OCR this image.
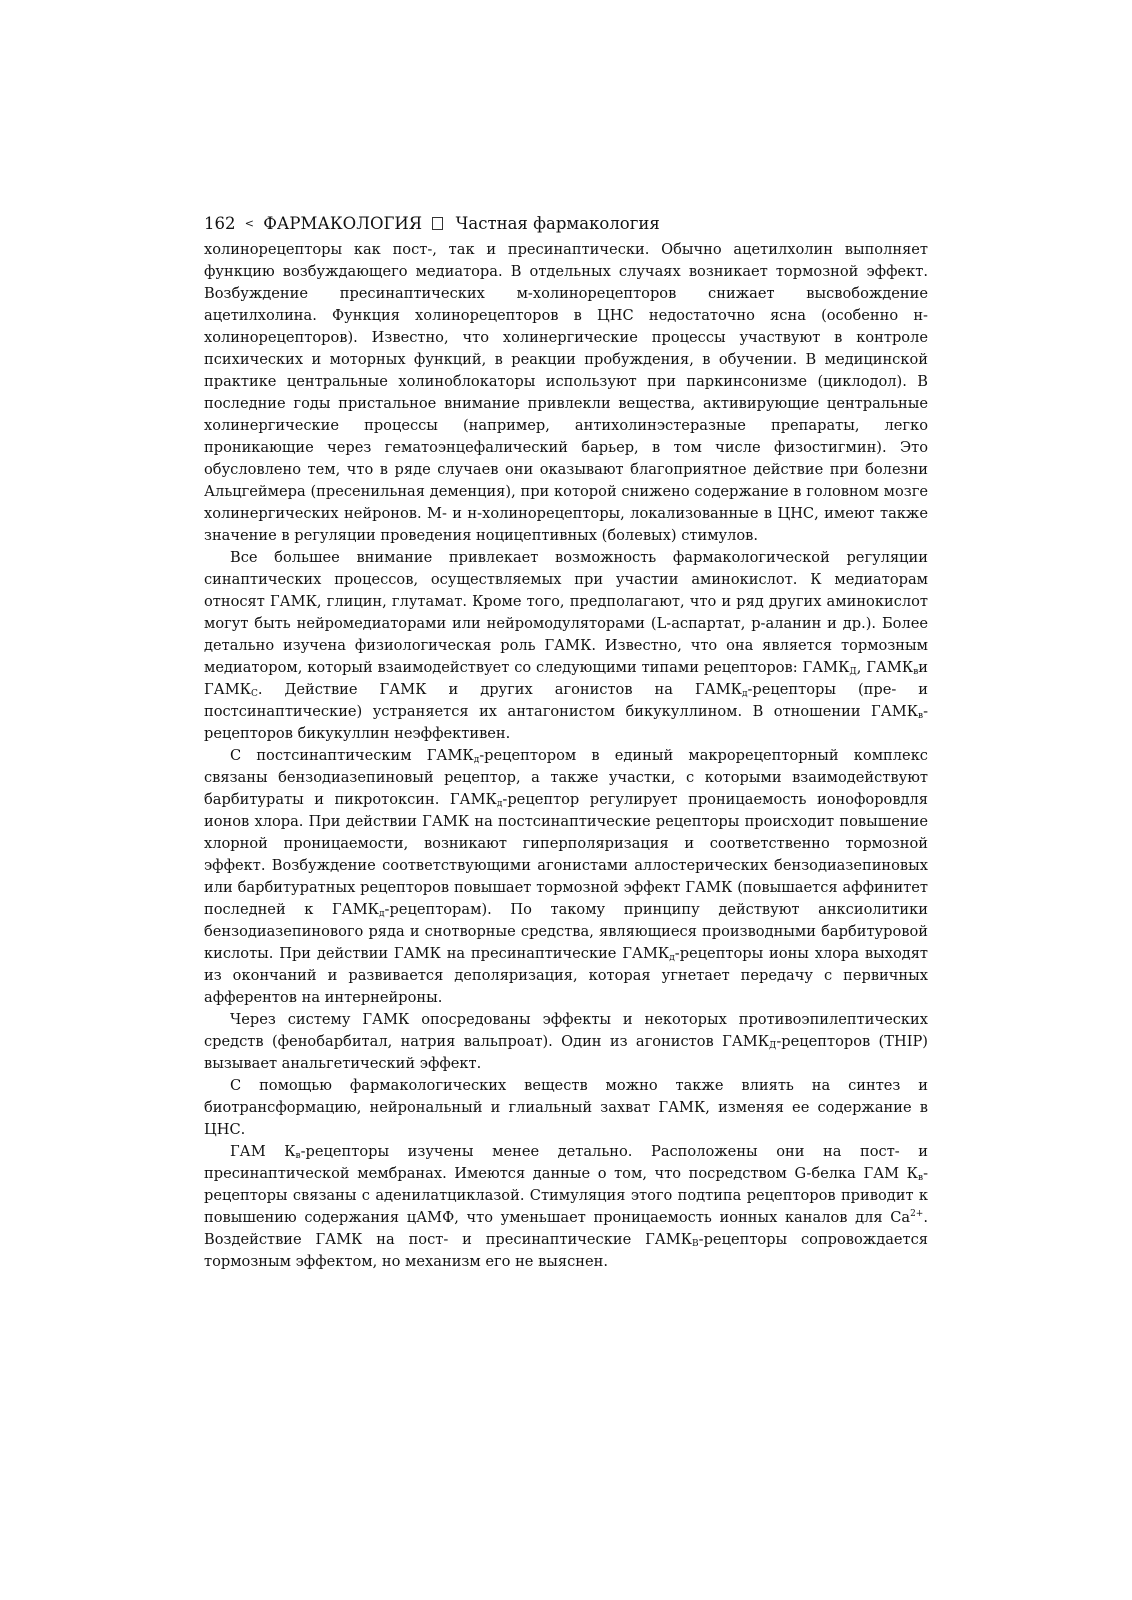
162 < ФАРМАКОЛОГИЯ Частная фармакология

холинорецепторы как пост-, так и пресинаптически. Обычно ацетилхолин выполняет функцию возбуждающего медиатора. В отдельных случаях возникает тормозной эффект. Возбуждение пресинаптических м-холинорецепторов снижает высвобождение ацетилхолина. Функция холинорецепторов в ЦНС недостаточно ясна (особенно н-холинорецепторов). Известно, что холинергические процессы участвуют в контроле психических и моторных функций, в реакции пробуждения, в обучении. В медицинской практике центральные холиноблокаторы используют при паркинсонизме (циклодол). В последние годы пристальное внимание привлекли вещества, активирующие центральные холинергические процессы (например, антихолинэстеразные препараты, легко проникающие через гематоэнцефалический барьер, в том числе физостигмин). Это обусловлено тем, что в ряде случаев они оказывают благоприятное действие при болезни Альцгеймера (пресенильная деменция), при которой снижено содержание в головном мозге холинергических нейронов. М- и н-холинорецепторы, локализованные в ЦНС, имеют также значение в регуляции проведения ноцицептивных (болевых) стимулов.

Все большее внимание привлекает возможность фармакологической регуляции синаптических процессов, осуществляемых при участии аминокислот. К медиаторам относят ГАМК, глицин, глутамат. Кроме того, предполагают, что и ряд других аминокислот могут быть нейромедиаторами или нейромодуляторами (L-аспартат, р-аланин и др.). Более детально изучена физиологическая роль ГАМК. Известно, что она является тормозным медиатором, который взаимодействует со следующими типами рецепторов: $ГАМК_Д$, $ГАМК_ви$ $ГАМК_С$. Действие ГАМК и других агонистов на $ГАМК_д$-рецепторы (пре- и постсинаптические) устраняется их антагонистом бикукуллином. В отношении $ГАМК_в$-рецепторов бикукуллин неэффективен.

С постсинаптическим $ГАМК_д$-рецептором в единый макрорецепторный комплекс связаны бензодиазепиновый рецептор, а также участки, с которыми взаимодействуют барбитураты и пикротоксин. $ГАМК_д$-рецептор регулирует проницаемость ионофоровдля ионов хлора. При действии ГАМК на постсинаптические рецепторы происходит повышение хлорной проницаемости, возникают гиперполяризация и соответственно тормозной эффект. Возбуждение соответствующими агонистами аллостерических бензодиазепиновых или барбитуратных рецепторов повышает тормозной эффект ГАМК (повышается аффинитет последней к $ГАМК_д-рецепторам$). По такому принципу действуют анксиолитики бензодиазепинового ряда и снотворные средства, являющиеся производными барбитуровой кислоты. При действии ГАМК на пресинаптические $ГАМК_д$-рецепторы ионы хлора выходят из окончаний и развивается деполяризация, которая угнетает передачу с первичных афферентов на интернейроны.

Через систему ГАМК опосредованы эффекты и некоторых противоэпилептических средств (фенобарбитал, натрия вальпроат). Один из агонистов $ГАМК_Д$-рецепторов (THIP) вызывает анальгетический эффект.

С помощью фармакологических веществ можно также влиять на синтез и биотрансформацию, нейрональный и глиальный захват ГАМК, изменяя ее содержание в ЦНС.

ГАМ $К_в$-рецепторы изучены менее детально. Расположены они на пост- и пресинаптической мембранах. Имеются данные о том, что посредством G-белка ГАМ $К_в$-рецепторы связаны с аденилатциклазой. Стимуляция этого подтипа рецепторов приводит к повышению содержания цАМФ, что уменьшает проницаемость ионных каналов для $Са^{2+}$. Воздействие ГАМК на пост- и пресинаптические $ГАМК_В$-рецепторы сопровождается тормозным эффектом, но механизм его не выяснен.
